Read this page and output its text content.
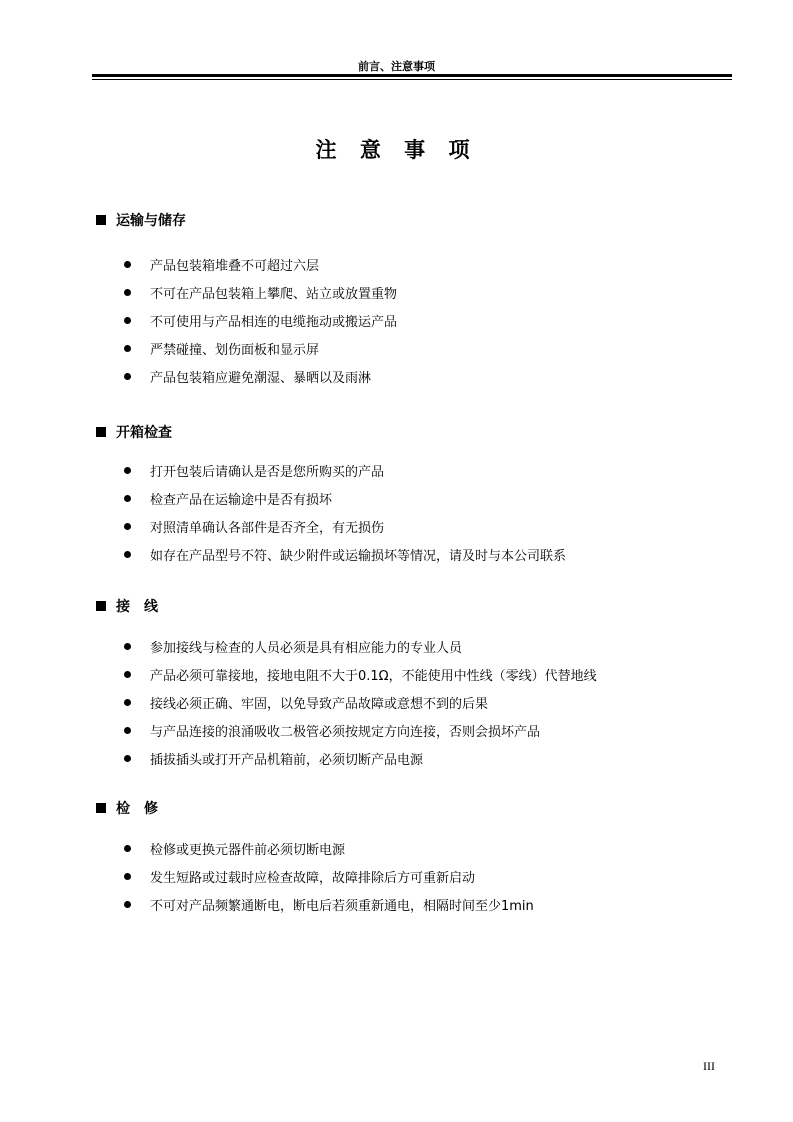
前言、注意事项
注 意 事 项
运输与储存
产品包装箱堆叠不可超过六层
不可在产品包装箱上攀爬、站立或放置重物
不可使用与产品相连的电缆拖动或搬运产品
严禁碰撞、划伤面板和显示屏
产品包装箱应避免潮湿、暴晒以及雨淋
开箱检查
打开包装后请确认是否是您所购买的产品
检查产品在运输途中是否有损坏
对照清单确认各部件是否齐全，有无损伤
如存在产品型号不符、缺少附件或运输损坏等情况，请及时与本公司联系
接　线
参加接线与检查的人员必须是具有相应能力的专业人员
产品必须可靠接地，接地电阻不大于0.1Ω，不能使用中性线（零线）代替地线
接线必须正确、牢固，以免导致产品故障或意想不到的后果
与产品连接的浪涌吸收二极管必须按规定方向连接，否则会损坏产品
插拔插头或打开产品机箱前，必须切断产品电源
检　修
检修或更换元器件前必须切断电源
发生短路或过载时应检查故障，故障排除后方可重新启动
不可对产品频繁通断电，断电后若须重新通电，相隔时间至少1min
III
